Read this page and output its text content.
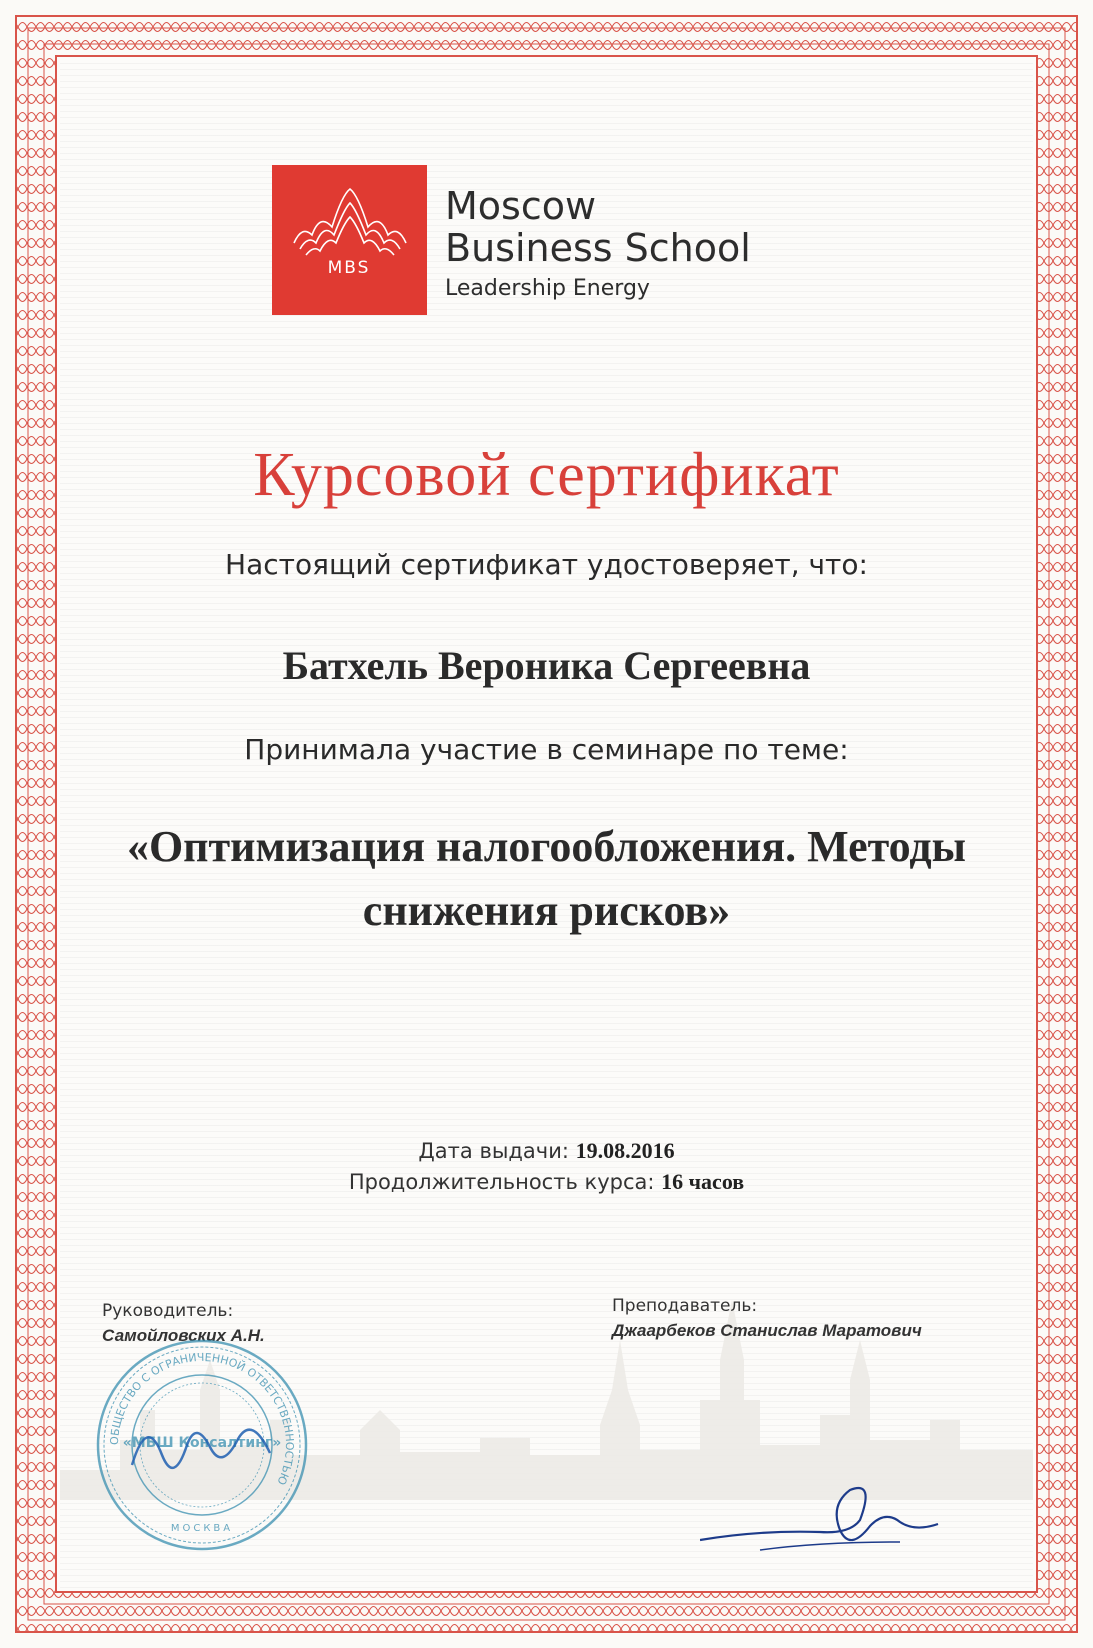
MBS
Moscow
Business School
Leadership Energy
Курсовой сертификат
Настоящий сертификат удостоверяет, что:
Батхель Вероника Сергеевна
Принимала участие в семинаре по теме:
«Оптимизация налогообложения. Методы
снижения рисков»
Дата выдачи: 19.08.2016
Продолжительность курса: 16 часов
Руководитель:
Самойловских А.Н.
Преподаватель:
Джаарбеков Станислав Маратович
ОБЩЕСТВО С ОГРАНИЧЕННОЙ ОТВЕТСТВЕННОСТЬЮ
«МБШ Консалтинг»
МОСКВА
